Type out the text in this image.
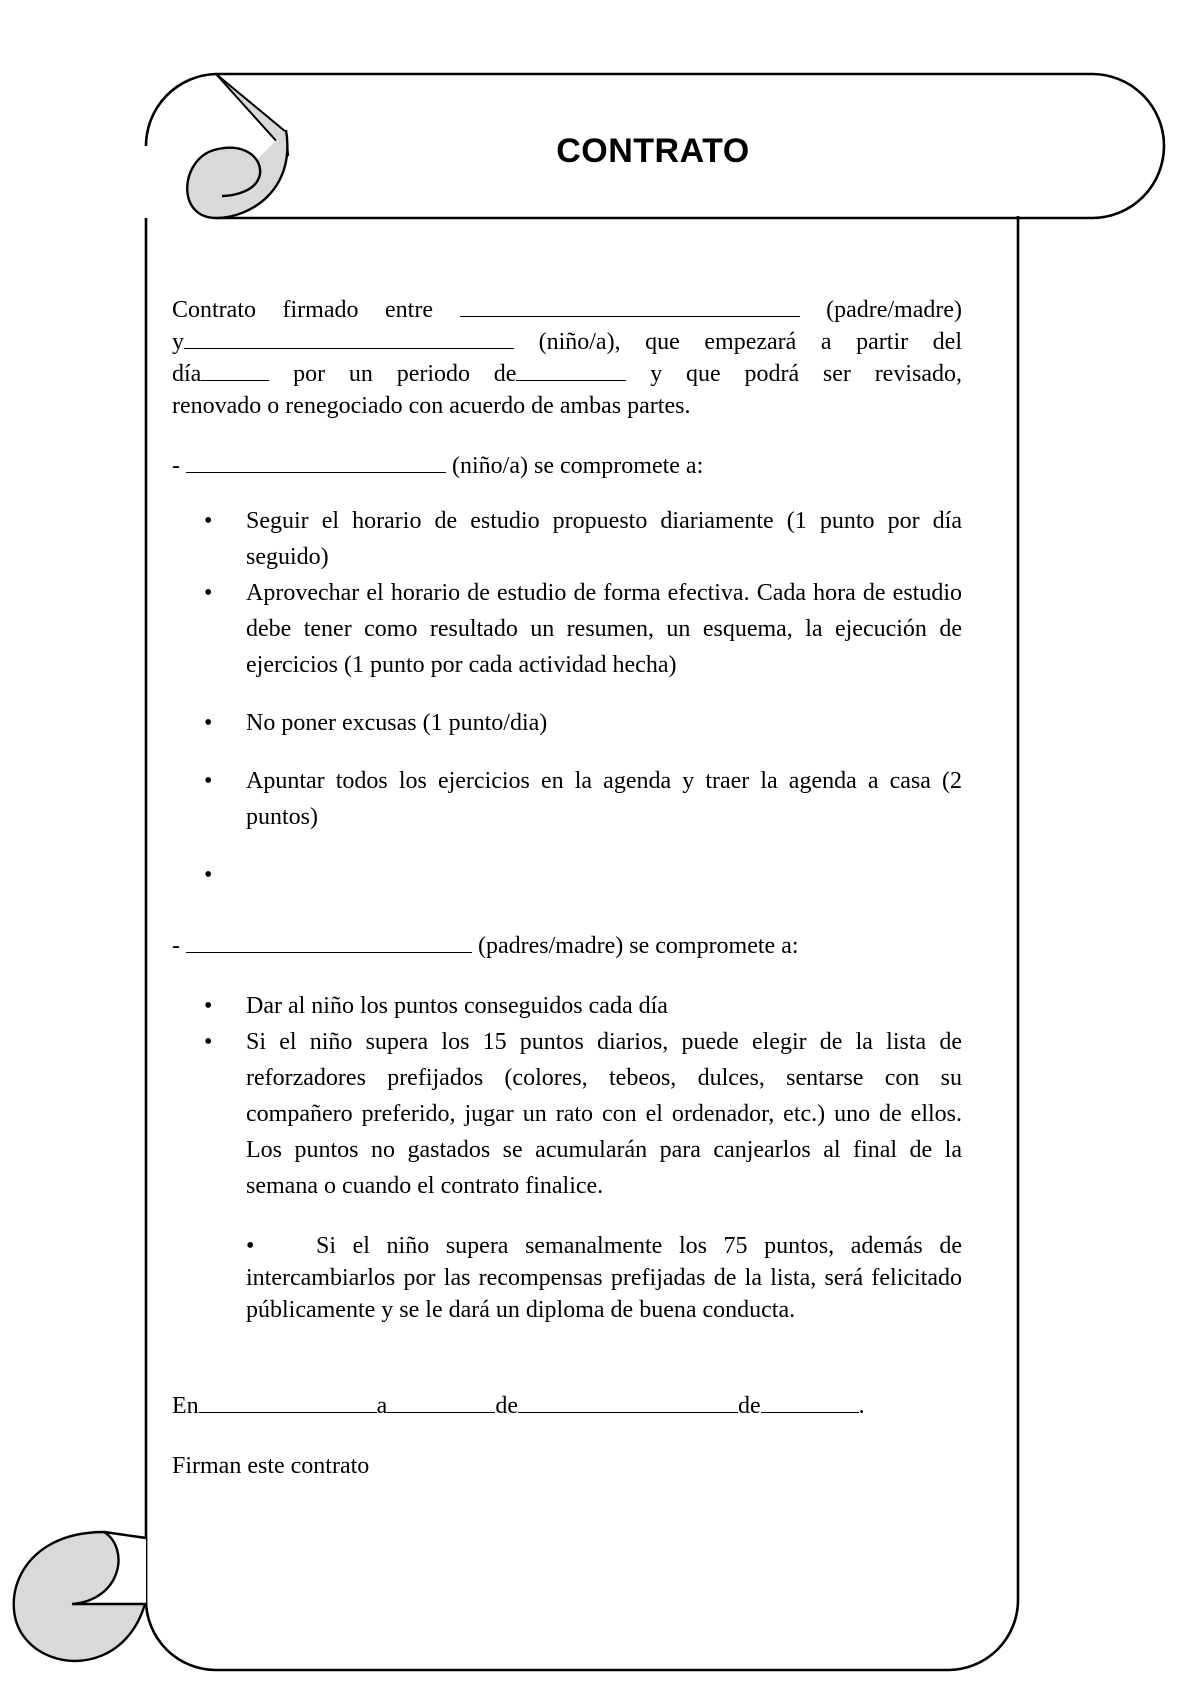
CONTRATO
Contrato firmado entre	(padre/madre)
y	(niño/a), que empezará a partir del
día	por un periodo de	y que podrá ser revisado,
renovado o renegociado con acuerdo de ambas partes.
-	(niño/a) se compromete a:
• Seguir el horario de estudio propuesto diariamente (1 punto por día seguido)
• Aprovechar el horario de estudio de forma efectiva. Cada hora de estudio debe tener como resultado un resumen, un esquema, la ejecución de ejercicios (1 punto por cada actividad hecha)
• No poner excusas (1 punto/dia)
• Apuntar todos los ejercicios en la agenda y traer la agenda a casa (2 puntos)
•
-	(padres/madre) se compromete a:
• Dar al niño los puntos conseguidos cada día
• Si el niño supera los 15 puntos diarios, puede elegir de la lista de reforzadores prefijados (colores, tebeos, dulces, sentarse con su compañero preferido, jugar un rato con el ordenador, etc.) uno de ellos. Los puntos no gastados se acumularán para canjearlos al final de la semana o cuando el contrato finalice.
•	Si el niño supera semanalmente los 75 puntos, además de intercambiarlos por las recompensas prefijadas de la lista, será felicitado públicamente y se le dará un diploma de buena conducta.
En	a	de	de	.
Firman este contrato
